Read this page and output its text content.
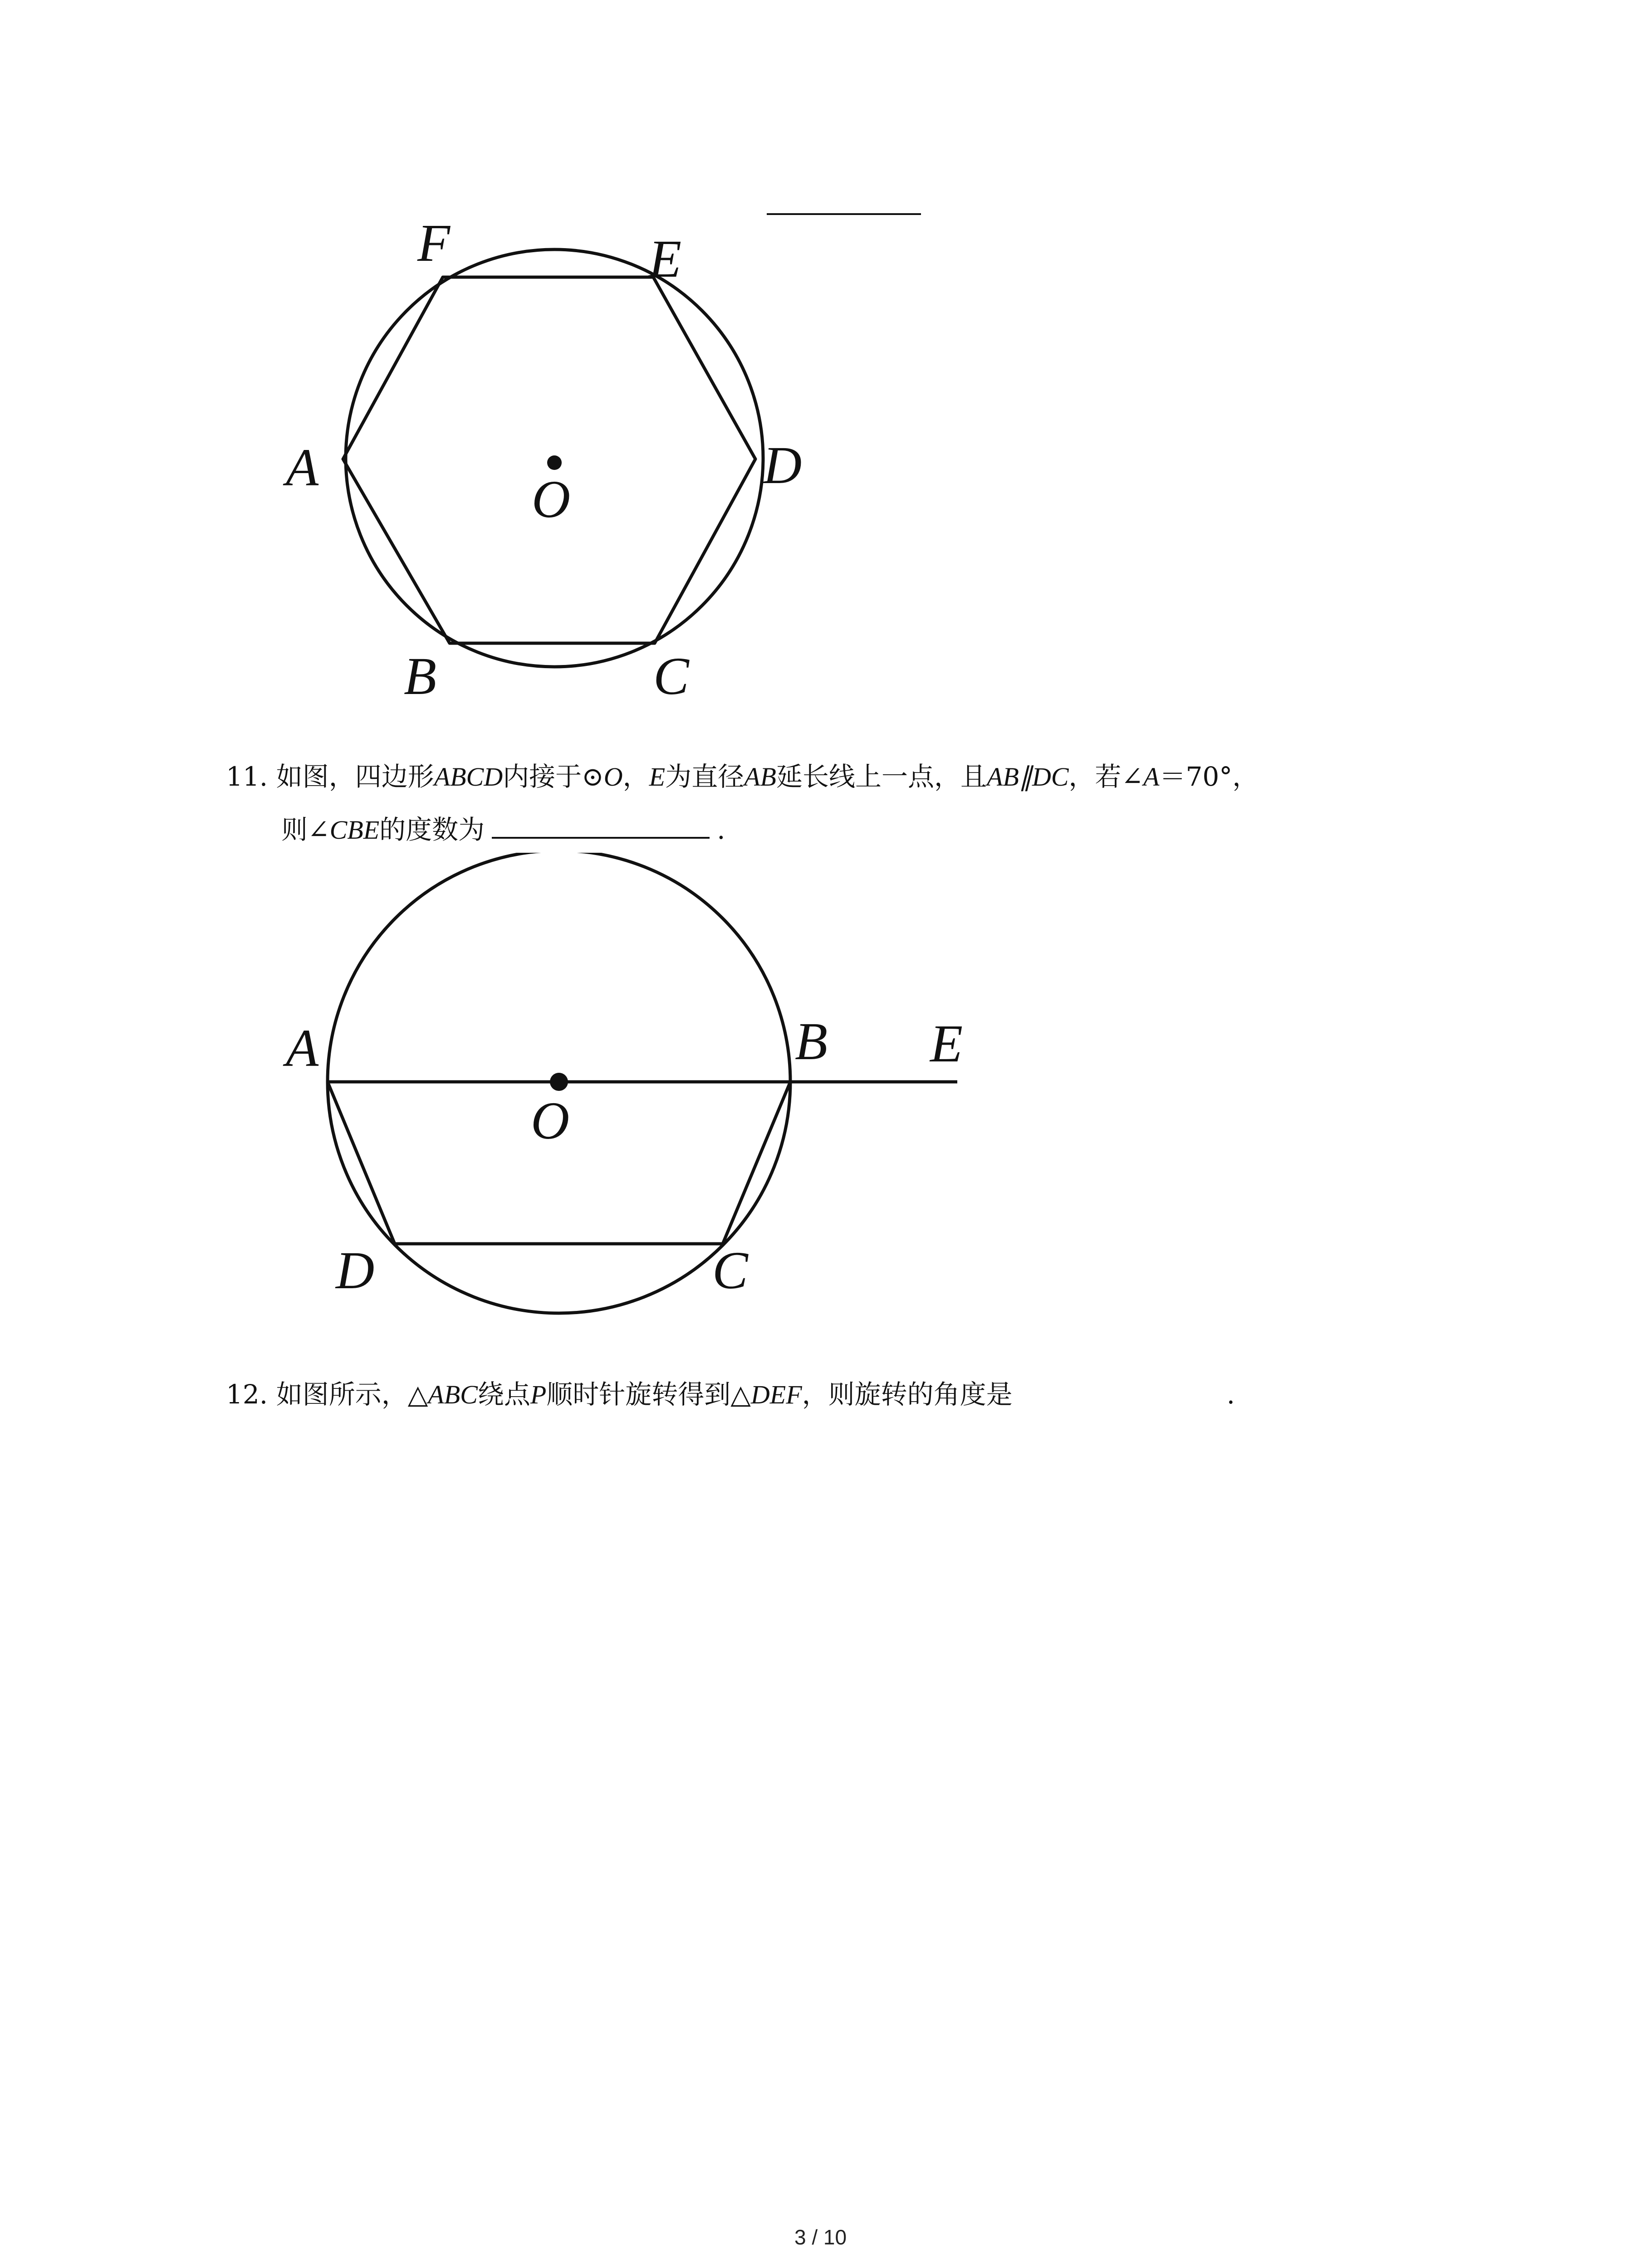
F	E
A	D
O
B	C
11. 如图，四边形ABCD内接于⊙O，E为直径AB延长线上一点，且AB∥DC，若∠A＝70°，
则∠CBE的度数为	.
A	B E
O
D	C
12. 如图所示，△ABC绕点P顺时针旋转得到△DEF，则旋转的角度是	.
3 / 10
